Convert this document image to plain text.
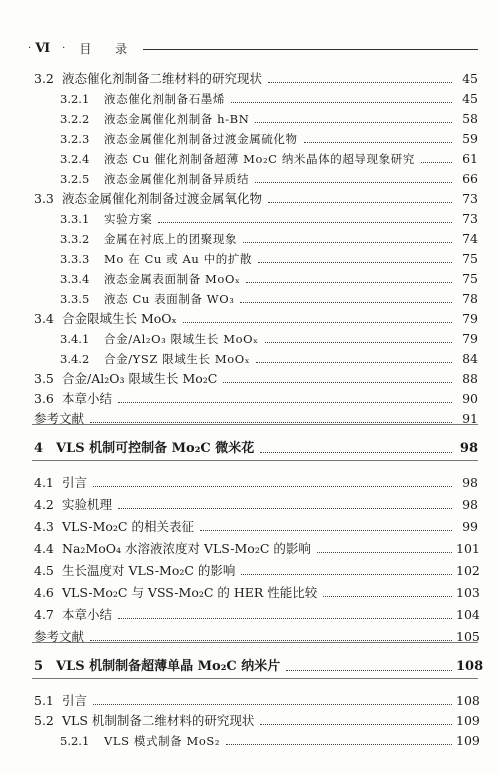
· Ⅵ · 目 录
3.2 液态催化剂制备二维材料的研究现状	45
3.2.1	液态催化剂制备石墨烯	45
3.2.2	液态金属催化剂制备 h-BN	58
3.2.3	液态金属催化剂制备过渡金属硫化物	59
3.2.4	液态 Cu 催化剂制备超薄 Mo₂C 纳米晶体的超导现象研究	61
3.2.5	液态金属催化剂制备异质结	66
3.3 液态金属催化剂制备过渡金属氧化物	73
3.3.1	实验方案	73
3.3.2	金属在衬底上的团聚现象	74
3.3.3	Mo 在 Cu 或 Au 中的扩散	75
3.3.4	液态金属表面制备 MoOₓ	75
3.3.5	液态 Cu 表面制备 WO₃	78
3.4 合金限域生长 MoOₓ	79
3.4.1	合金/Al₂O₃ 限域生长 MoOₓ	79
3.4.2	合金/YSZ 限域生长 MoOₓ	84
3.5 合金/Al₂O₃ 限域生长 Mo₂C	88
3.6 本章小结	90
参考文献	91
4 VLS 机制可控制备 Mo₂C 微米花	98
4.1 引言	98
4.2 实验机理	98
4.3 VLS-Mo₂C 的相关表征	99
4.4 Na₂MoO₄ 水溶液浓度对 VLS-Mo₂C 的影响	101
4.5 生长温度对 VLS-Mo₂C 的影响	102
4.6 VLS-Mo₂C 与 VSS-Mo₂C 的 HER 性能比较	103
4.7 本章小结	104
参考文献	105
5 VLS 机制制备超薄单晶 Mo₂C 纳米片	108
5.1 引言	108
5.2 VLS 机制制备二维材料的研究现状	109
5.2.1	VLS 模式制备 MoS₂	109
